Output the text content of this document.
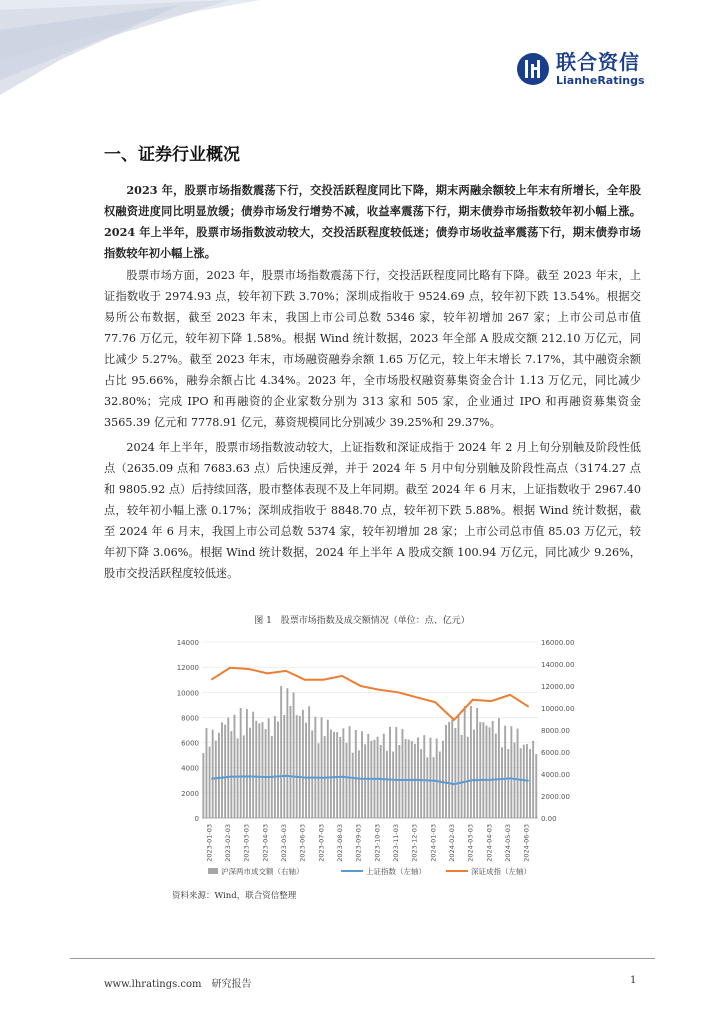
联合资信
LianheRatings
一、证券行业概况

2023 年，股票市场指数震荡下行，交投活跃程度同比下降，期末两融余额较上年末有所增长，全年股权融资进度同比明显放缓；债券市场发行增势不减，收益率震荡下行，期末债券市场指数较年初小幅上涨。2024 年上半年，股票市场指数波动较大，交投活跃程度较低迷；债券市场收益率震荡下行，期末债券市场指数较年初小幅上涨。

股票市场方面，2023 年，股票市场指数震荡下行，交投活跃程度同比略有下降。截至 2023 年末，上证指数收于 2974.93 点，较年初下跌 3.70%；深圳成指收于 9524.69 点，较年初下跌 13.54%。根据交易所公布数据，截至 2023 年末，我国上市公司总数 5346 家，较年初增加 267 家；上市公司总市值 77.76 万亿元，较年初下降 1.58%。根据 Wind 统计数据，2023 年全部 A 股成交额 212.10 万亿元，同比减少 5.27%。截至 2023 年末，市场融资融券余额 1.65 万亿元，较上年末增长 7.17%，其中融资余额占比 95.66%，融券余额占比 4.34%。2023 年，全市场股权融资募集资金合计 1.13 万亿元，同比减少 32.80%；完成 IPO 和再融资的企业家数分别为 313 家和 505 家，企业通过 IPO 和再融资募集资金 3565.39 亿元和 7778.91 亿元，募资规模同比分别减少 39.25%和 29.37%。

2024 年上半年，股票市场指数波动较大，上证指数和深证成指于 2024 年 2 月上旬分别触及阶段性低点（2635.09 点和 7683.63 点）后快速反弹，并于 2024 年 5 月中旬分别触及阶段性高点（3174.27 点和 9805.92 点）后持续回落，股市整体表现不及上年同期。截至 2024 年 6 月末，上证指数收于 2967.40 点，较年初小幅上涨 0.17%；深圳成指收于 8848.70 点，较年初下跌 5.88%。根据 Wind 统计数据，截至 2024 年 6 月末，我国上市公司总数 5374 家，较年初增加 28 家；上市公司总市值 85.03 万亿元，较年初下降 3.06%。根据 Wind 统计数据，2024 年上半年 A 股成交额 100.94 万亿元，同比减少 9.26%，股市交投活跃程度较低迷。

图 1　股票市场指数及成交额情况（单位：点、亿元）
0
2000
4000
6000
8000
10000
12000
14000
0.00
2000.00
4000.00
6000.00
8000.00
10000.00
12000.00
14000.00
16000.00
2023-01-03 2023-02-03 2023-03-03 2023-04-03 2023-05-03 2023-06-03 2023-07-03 2023-08-03 2023-09-03 2023-10-03 2023-11-03 2023-12-03 2024-01-03 2024-02-03 2024-03-03 2024-04-03 2024-05-03 2024-06-03
沪深两市成交额（右轴）	上证指数（左轴）	深证成指（左轴）
资料来源：Wind，联合资信整理
www.lhratings.com 研究报告	1
